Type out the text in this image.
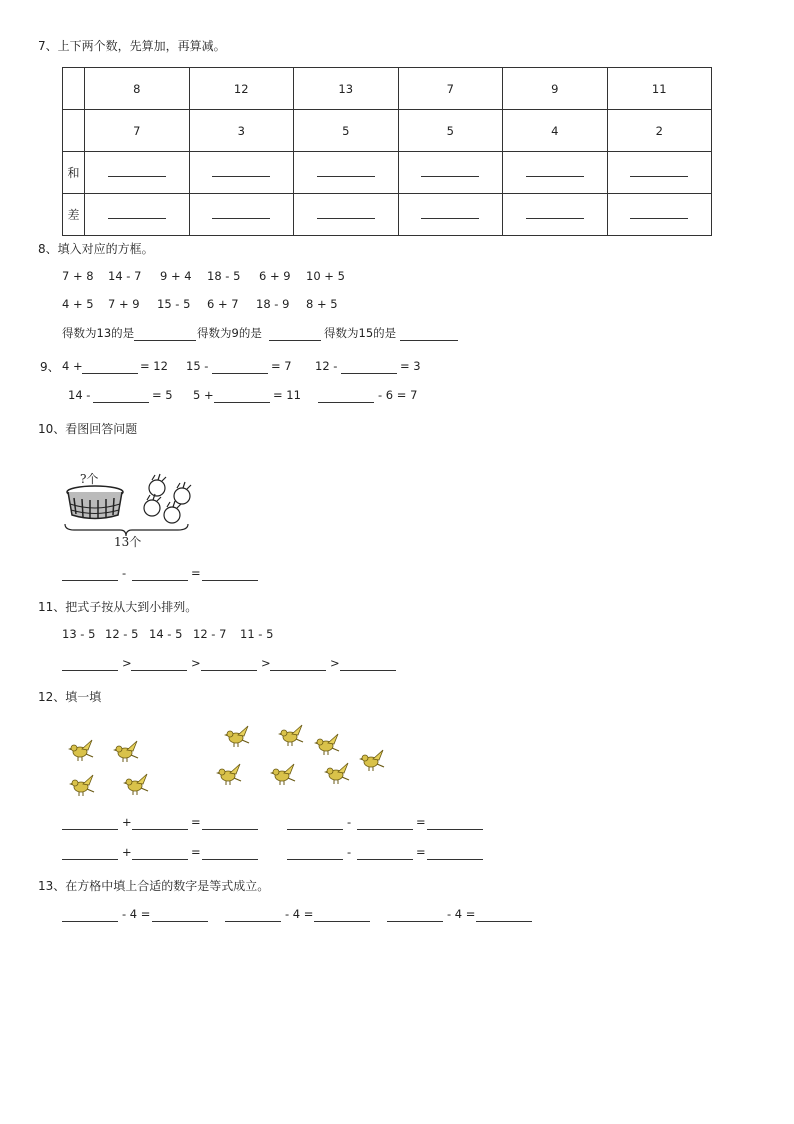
7、上下两个数，先算加，再算减。
	8	12	13	7	9	11
	7	3	5	5	4	2
和						
差						
8、填入对应的方框。
7 + 8 14 - 7 9 + 4 18 - 5 6 + 9 10 + 5
4 + 5 7 + 9 15 - 5 6 + 7 18 - 9 8 + 5
得数为13的是	得数为9的是	得数为15的是
9、 4 +	= 12 15 -	= 7 12 -	= 3
14 -	= 5 5 +	= 11	- 6 = 7
10、看图回答问题
?个
13个
-	=
11、把式子按从大到小排列。
13 - 5 12 - 5 14 - 5 12 - 7 11 - 5
>	>	>	>
12、填一填
+	=	-	=
+	=	-	=
13、在方格中填上合适的数字是等式成立。
- 4 =	- 4 =	- 4 =
